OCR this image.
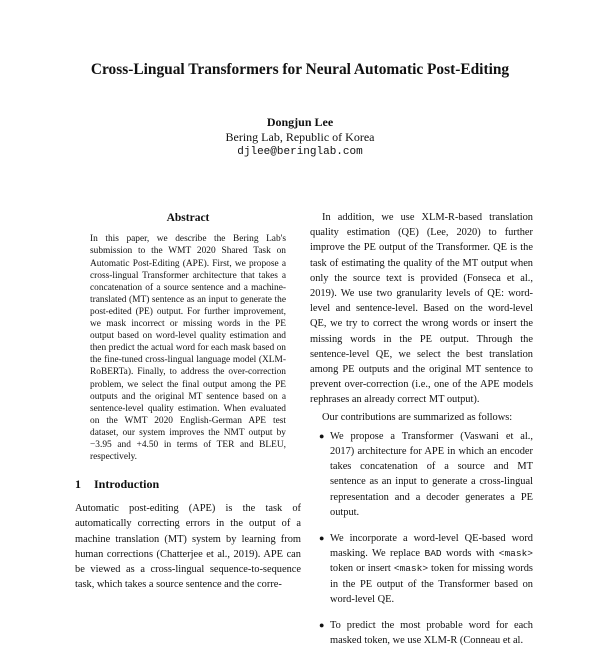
Cross-Lingual Transformers for Neural Automatic Post-Editing
Dongjun Lee
Bering Lab, Republic of Korea
djlee@beringlab.com
Abstract

In this paper, we describe the Bering Lab's submission to the WMT 2020 Shared Task on Automatic Post-Editing (APE). First, we propose a cross-lingual Transformer architecture that takes a concatenation of a source sentence and a machine-translated (MT) sentence as an input to generate the post-edited (PE) output. For further improvement, we mask incorrect or missing words in the PE output based on word-level quality estimation and then predict the actual word for each mask based on the fine-tuned cross-lingual language model (XLM-RoBERTa). Finally, to address the over-correction problem, we select the final output among the PE outputs and the original MT sentence based on a sentence-level quality estimation. When evaluated on the WMT 2020 English-German APE test dataset, our system improves the NMT output by −3.95 and +4.50 in terms of TER and BLEU, respectively.

1 Introduction

Automatic post-editing (APE) is the task of automatically correcting errors in the output of a machine translation (MT) system by learning from human corrections (Chatterjee et al., 2019). APE can be viewed as a cross-lingual sequence-to-sequence task, which takes a source sentence and the corre-

In addition, we use XLM-R-based translation quality estimation (QE) (Lee, 2020) to further improve the PE output of the Transformer. QE is the task of estimating the quality of the MT output when only the source text is provided (Fonseca et al., 2019). We use two granularity levels of QE: word-level and sentence-level. Based on the word-level QE, we try to correct the wrong words or insert the missing words in the PE output. Through the sentence-level QE, we select the best translation among PE outputs and the original MT sentence to prevent over-correction (i.e., one of the APE models rephrases an already correct MT output).

Our contributions are summarized as follows:

● We propose a Transformer (Vaswani et al., 2017) architecture for APE in which an encoder takes concatenation of a source and MT sentence as an input to generate a cross-lingual representation and a decoder generates a PE output.
● We incorporate a word-level QE-based word masking. We replace BAD words with <mask> token or insert <mask> token for missing words in the PE output of the Transformer based on word-level QE.
● To predict the most probable word for each masked token, we use XLM-R (Conneau et al.
